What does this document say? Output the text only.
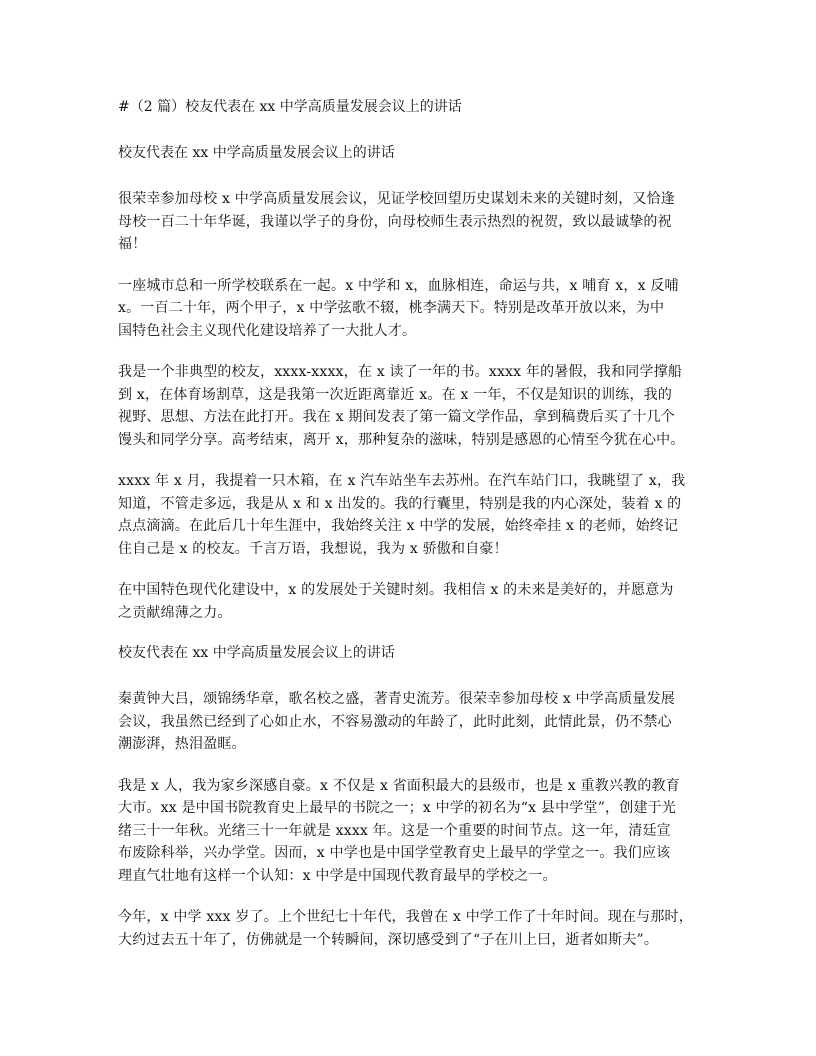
#（2 篇）校友代表在 xx 中学高质量发展会议上的讲话
校友代表在 xx 中学高质量发展会议上的讲话
很荣幸参加母校 x 中学高质量发展会议，见证学校回望历史谋划未来的关键时刻，又恰逢
母校一百二十年华诞，我谨以学子的身份，向母校师生表示热烈的祝贺，致以最诚挚的祝
福！
一座城市总和一所学校联系在一起。x 中学和 x，血脉相连，命运与共，x 哺育 x，x 反哺
x。一百二十年，两个甲子，x 中学弦歌不辍，桃李满天下。特别是改革开放以来，为中
国特色社会主义现代化建设培养了一大批人才。
我是一个非典型的校友，xxxx-xxxx，在 x 读了一年的书。xxxx 年的暑假，我和同学撑船
到 x，在体育场割草，这是我第一次近距离靠近 x。在 x 一年，不仅是知识的训练，我的
视野、思想、方法在此打开。我在 x 期间发表了第一篇文学作品，拿到稿费后买了十几个
馒头和同学分享。高考结束，离开 x，那种复杂的滋味，特别是感恩的心情至今犹在心中。
xxxx 年 x 月，我提着一只木箱，在 x 汽车站坐车去苏州。在汽车站门口，我眺望了 x，我
知道，不管走多远，我是从 x 和 x 出发的。我的行囊里，特别是我的内心深处，装着 x 的
点点滴滴。在此后几十年生涯中，我始终关注 x 中学的发展，始终牵挂 x 的老师，始终记
住自己是 x 的校友。千言万语，我想说，我为 x 骄傲和自豪！
在中国特色现代化建设中，x 的发展处于关键时刻。我相信 x 的未来是美好的，并愿意为
之贡献绵薄之力。
校友代表在 xx 中学高质量发展会议上的讲话
秦黄钟大吕，颂锦绣华章，歌名校之盛，著青史流芳。很荣幸参加母校 x 中学高质量发展
会议，我虽然已经到了心如止水，不容易激动的年龄了，此时此刻，此情此景，仍不禁心
潮澎湃，热泪盈眶。
我是 x 人，我为家乡深感自豪。x 不仅是 x 省面积最大的县级市，也是 x 重教兴教的教育
大市。xx 是中国书院教育史上最早的书院之一；x 中学的初名为“x 县中学堂”，创建于光
绪三十一年秋。光绪三十一年就是 xxxx 年。这是一个重要的时间节点。这一年，清廷宣
布废除科举，兴办学堂。因而，x 中学也是中国学堂教育史上最早的学堂之一。我们应该
理直气壮地有这样一个认知：x 中学是中国现代教育最早的学校之一。
今年，x 中学 xxx 岁了。上个世纪七十年代，我曾在 x 中学工作了十年时间。现在与那时，
大约过去五十年了，仿佛就是一个转瞬间，深切感受到了“子在川上曰，逝者如斯夫”。
